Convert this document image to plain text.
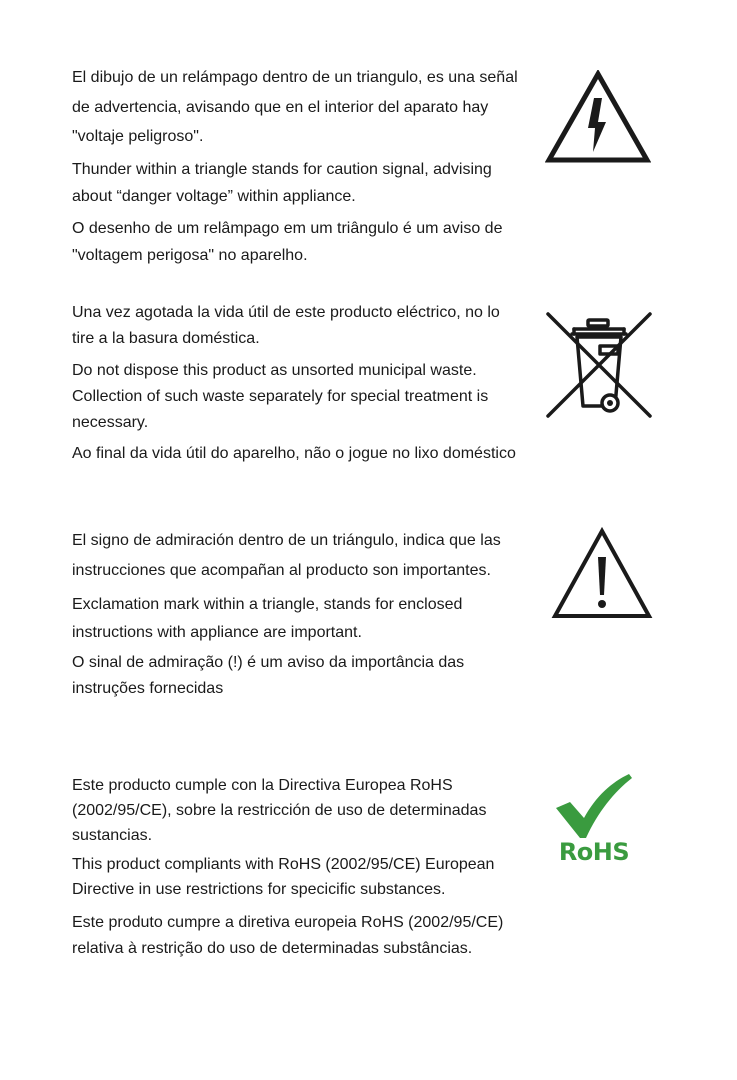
El dibujo de un relámpago dentro de un triangulo, es una señal de advertencia, avisando que en el interior del aparato hay "voltaje peligroso".

Thunder within a triangle stands for caution signal, advising about “danger voltage” within appliance.

O desenho de um relâmpago em um triângulo é um aviso de "voltagem perigosa" no aparelho.

Una vez agotada la vida útil de este producto eléctrico, no lo tire a la basura doméstica.

Do not dispose this product as unsorted municipal waste. Collection of such waste separately for special treatment is necessary.

Ao final da vida útil do aparelho, não o jogue no lixo doméstico

El signo de admiración dentro de un triángulo, indica que las instrucciones que acompañan al producto son importantes.

Exclamation mark within a triangle, stands for enclosed instructions with appliance are important.

O sinal de admiração (!) é um aviso da importância das instruções fornecidas

Este producto cumple con la Directiva Europea RoHS (2002/95/CE), sobre la restricción de uso de determinadas sustancias.

This product compliants with RoHS (2002/95/CE) European Directive in use restrictions for specicific substances.

Este produto cumpre a diretiva europeia RoHS (2002/95/CE) relativa à restrição do uso de determinadas substâncias.

RoHS
